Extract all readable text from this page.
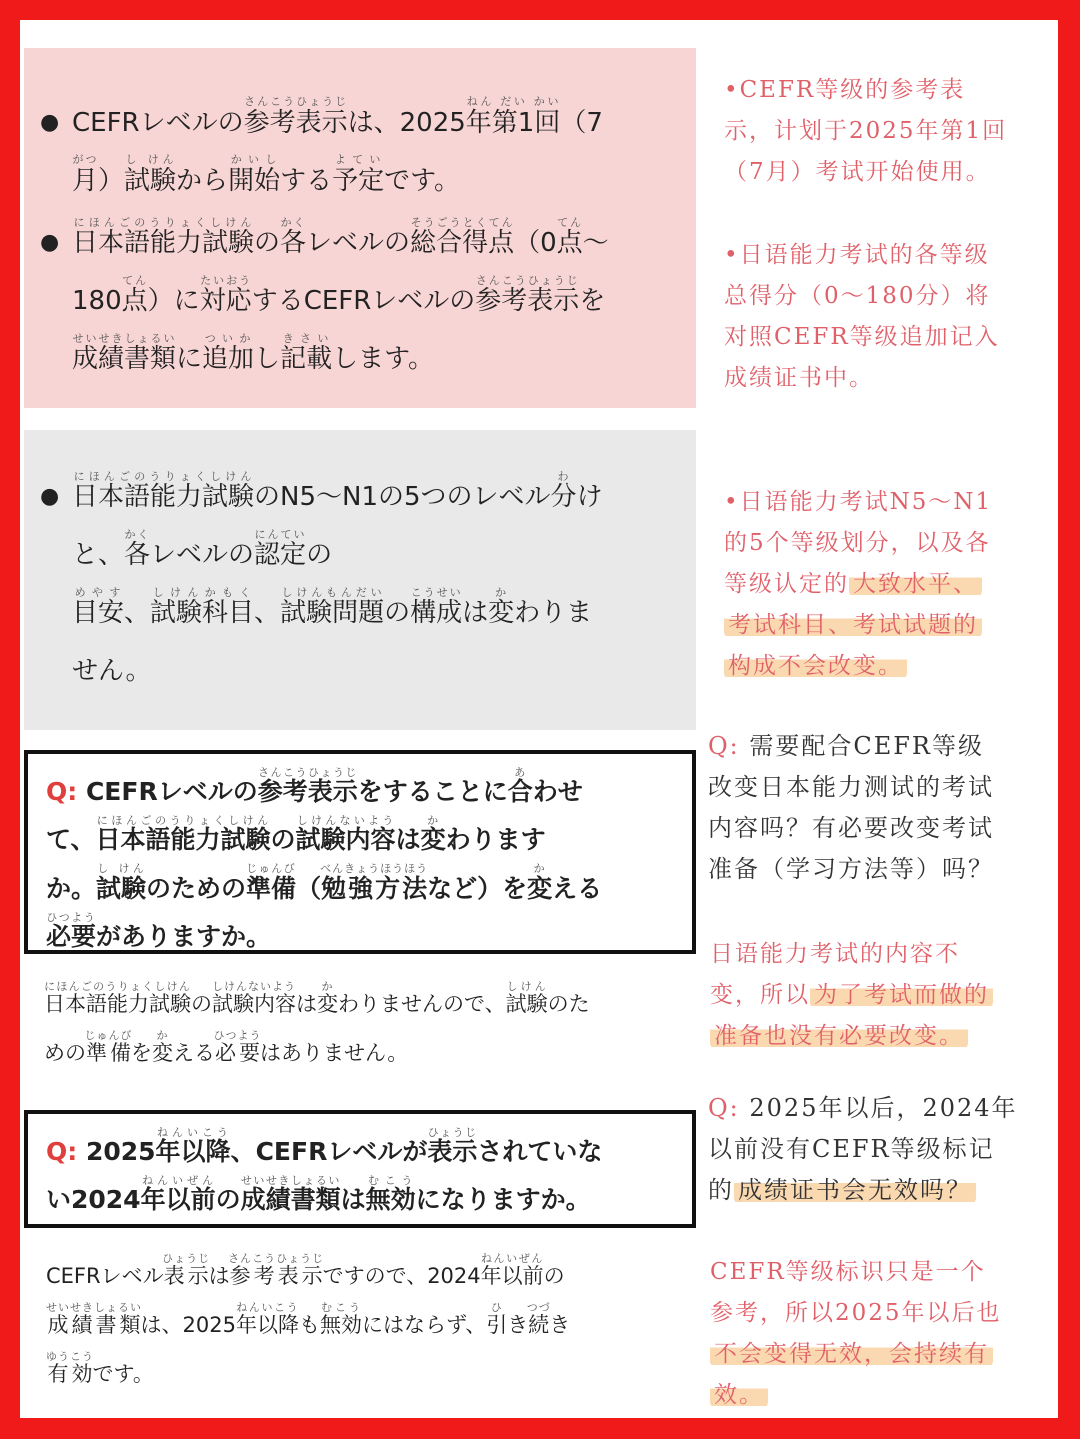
● CEFRレベルの参考表示さんこうひょうじは、2025年第1回ねん だい かい（7
月がつ）試験し けんから開始かいしする予定よていです。
● 日本語能力試験にほんごのうりょくしけんの各かくレベルの総合得点そうごうとくてん（0点てん〜
180点てん）に対応たいおうするCEFRレベルの参考表示さんこうひょうじを
成績書類せいせきしょるいに追加ついかし記載きさいします。
● 日本語能力試験にほんごのうりょくしけんのN5〜N1の5つのレベル分わけ
と、各かくレベルの認定にんていの
目安めやす、試験科目しけんかもく、試験問題しけんもんだいの構成こうせいは変かわりま
せん。
Q: CEFRレベルの参考表示さんこうひょうじをすることに合あわせ
て、日本語能力試験にほんごのうりょくしけんの試験内容しけんないようは変かわります
か。試験し けんのための準備じゅんび（勉強方法べんきょうほうほうなど）を変かえる
必要ひつようがありますか。
日本語能力試験にほんごのうりょくしけんの試験内容しけんないようは変かわりませんので、試験しけんのた
めの準備じゅんびを変かえる必要ひつようはありません。
Q: 2025年以降ねんいこう、CEFRレベルが表示ひょうじされていな
い2024年以前ねんいぜんの成績書類せいせきしょるいは無効むこうになりますか。
CEFRレベル表示ひょうじは参考表示さんこうひょうじですので、2024年以前ねんいぜんの
成績書類せいせきしょるいは、2025年以降ねんいこうも無効むこうにはならず、引ひき続つづき
有効ゆうこうです。
•CEFR等级的参考表
示，计划于2025年第1回
（7月）考试开始使用。
•日语能力考试的各等级
总得分（0～180分）将
对照CEFR等级追加记入
成绩证书中。
•日语能力考试N5～N1
的5个等级划分，以及各
等级认定的 大致水平、
考试科目、考试试题的
构成不会改变。
Q: 需要配合CEFR等级
改变日本能力测试的考试
内容吗？有必要改变考试
准备（学习方法等）吗？
日语能力考试的内容不
变，所以 为了考试而做的
准备也没有必要改变。
Q: 2025年以后，2024年
以前没有CEFR等级标记
的 成绩证书会无效吗？
CEFR等级标识只是一个
参考，所以2025年以后也
不会变得无效，会持续有
效。
